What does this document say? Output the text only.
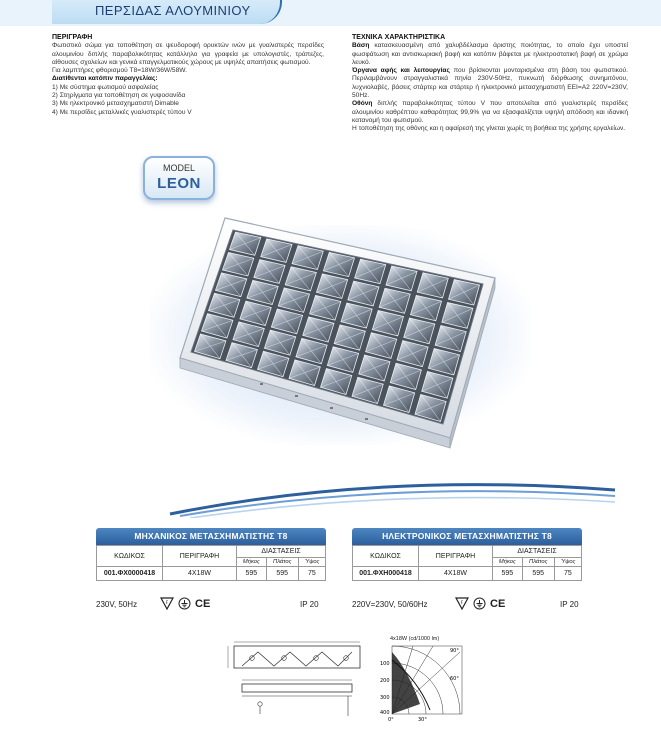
ΠΕΡΣΙΔΑΣ ΑΛΟΥΜΙΝΙΟΥ
ΠΕΡΙΓΡΑΦΗ
Φωτιστικό σώμα για τοποθέτηση σε ψευδοροφή ορυκτών ινών με γυαλιστερές περσίδες αλουμινίου διπλής παραβολικότητας κατάλληλο για γραφεία με υπολογιστές, τράπεζες, αίθουσες σχολείων και γενικά επαγγελματικούς χώρους με υψηλές απαιτήσεις φωτισμού.
Για λαμπτήρες φθορισμού T8=18W/36W/58W.
Διατίθενται κατόπιν παραγγελίας:
1) Με σύστημα φωτισμού ασφαλείας
2) Στηρίγματα για τοποθέτηση σε γυψοσανίδα
3) Με ηλεκτρονικό μετασχηματιστή Dimable
4) Με περσίδες μεταλλικές γυαλιστερές τύπου V
ΤΕΧΝΙΚΑ ΧΑΡΑΚΤΗΡΙΣΤΙΚΑ
Βάση κατασκευασμένη από χαλυβδέλασμα άριστης ποιότητας, το οποίο έχει υποστεί φωσφάτωση και αντισκωριακή βαφή και κατόπιν βάφεται με ηλεκτροστατική βαφή σε χρώμα λευκό.
Όργανα αφής και λειτουργίας που βρίσκονται μονταρισμένα στη βάση του φωτιστικού. Περιλαμβάνουν στραγγαλιστικά πηνία 230V-50Hz, πυκνωτή διόρθωσης συνημιτόνου, λυχνιολαβές, βάσεις στάρτερ και στάρτερ ή ηλεκτρονικό μετασχηματιστή ΕΕΙ=Α2 220V=230V, 50Hz.
Οθόνη διπλής παραβολικότητας τύπου V που αποτελείται από γυαλιστερές περσίδες αλουμινίου καθρέπτου καθαρότητας 99,9% για να εξασφαλίζεται υψηλή απόδοση και ιδανική κατανομή του φωτισμού.
Η τοποθέτηση της οθόνης και η αφαίρεσή της γίνεται χωρίς τη βοήθεια της χρήσης εργαλείων.
MODEL
LEON
ΜΗΧΑΝΙΚΟΣ ΜΕΤΑΣΧΗΜΑΤΙΣΤΗΣ T8
ΚΩΔΙΚΟΣ	ΠΕΡΙΓΡΑΦΗ	ΔΙΑΣΤΑΣΕΙΣ		
		Μήκος	Πλάτος	Ύψος
001.ΦΧ0000418	4X18W	595	595	75
230V, 50Hz	F CE	IP 20
ΗΛΕΚΤΡΟΝΙΚΟΣ ΜΕΤΑΣΧΗΜΑΤΙΣΤΗΣ T8
ΚΩΔΙΚΟΣ	ΠΕΡΙΓΡΑΦΗ	ΔΙΑΣΤΑΣΕΙΣ		
		Μήκος	Πλάτος	Ύψος
001.ΦΧΗ000418	4X18W	595	595	75
220V=230V, 50/60Hz	F CE	IP 20
4x18W (cd/1000 lm)
100
200
300
400
90°
60°
0°	30°
